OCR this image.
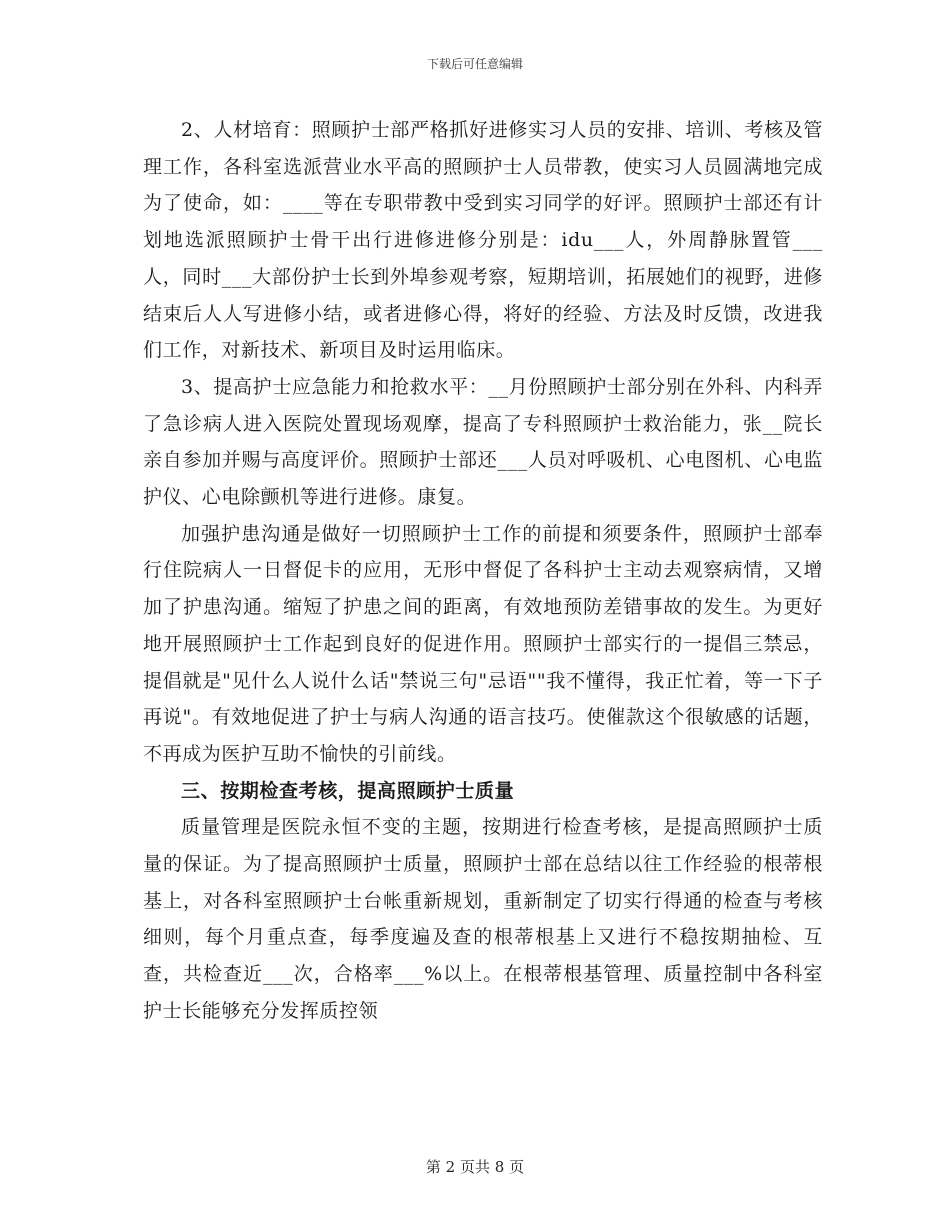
下载后可任意编辑

2、人材培育：照顾护士部严格抓好进修实习人员的安排、培训、考核及管理工作，各科室选派营业水平高的照顾护士人员带教，使实习人员圆满地完成为了使命，如：____等在专职带教中受到实习同学的好评。照顾护士部还有计划地选派照顾护士骨干出行进修进修分别是：idu___人，外周静脉置管___人，同时___大部份护士长到外埠参观考察，短期培训，拓展她们的视野，进修结束后人人写进修小结，或者进修心得，将好的经验、方法及时反馈，改进我们工作，对新技术、新项目及时运用临床。

3、提高护士应急能力和抢救水平：__月份照顾护士部分别在外科、内科弄了急诊病人进入医院处置现场观摩，提高了专科照顾护士救治能力，张__院长亲自参加并赐与高度评价。照顾护士部还___人员对呼吸机、心电图机、心电监护仪、心电除颤机等进行进修。康复。

加强护患沟通是做好一切照顾护士工作的前提和须要条件，照顾护士部奉行住院病人一日督促卡的应用，无形中督促了各科护士主动去观察病情，又增加了护患沟通。缩短了护患之间的距离，有效地预防差错事故的发生。为更好地开展照顾护士工作起到良好的促进作用。照顾护士部实行的一提倡三禁忌，提倡就是"见什么人说什么话"禁说三句"忌语""我不懂得，我正忙着，等一下子再说"。有效地促进了护士与病人沟通的语言技巧。使催款这个很敏感的话题，不再成为医护互助不愉快的引前线。

三、按期检查考核，提高照顾护士质量

质量管理是医院永恒不变的主题，按期进行检查考核，是提高照顾护士质量的保证。为了提高照顾护士质量，照顾护士部在总结以往工作经验的根蒂根基上，对各科室照顾护士台帐重新规划，重新制定了切实行得通的检查与考核细则，每个月重点查，每季度遍及查的根蒂根基上又进行不稳按期抽检、互查，共检查近___次，合格率___%以上。在根蒂根基管理、质量控制中各科室护士长能够充分发挥质控领

第 2 页共 8 页
